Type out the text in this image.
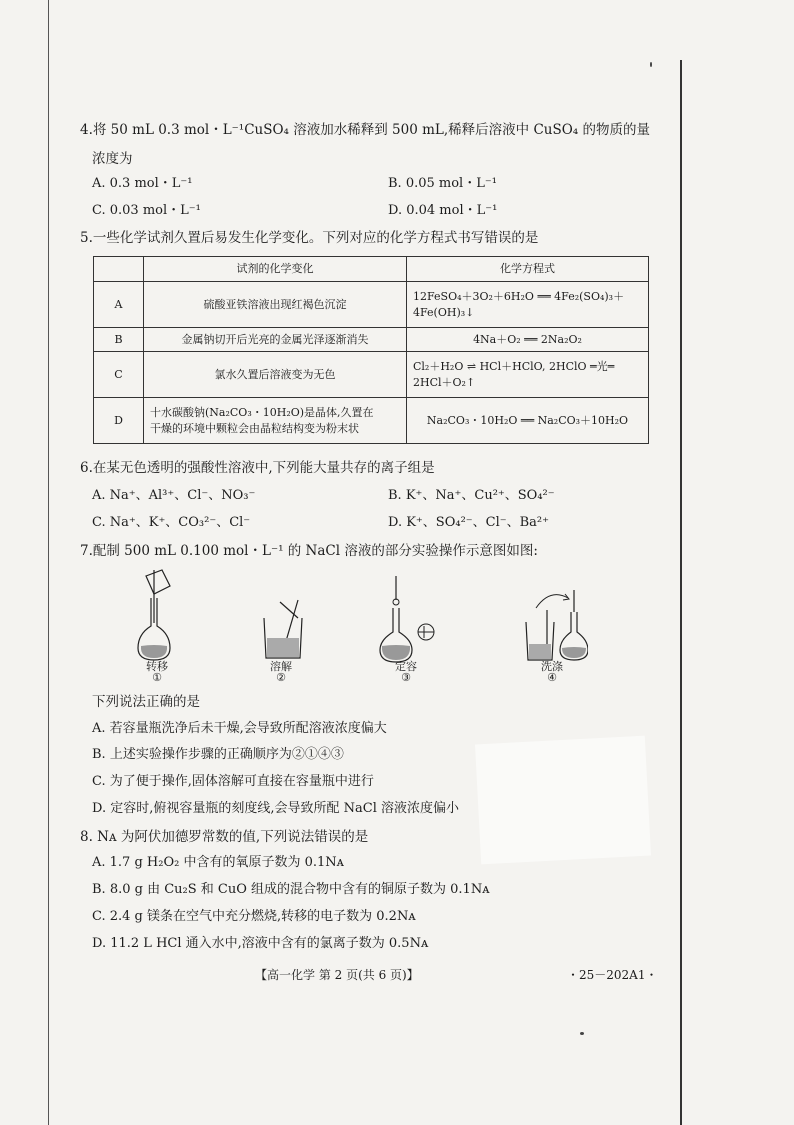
4.将 50 mL 0.3 mol・L⁻¹CuSO₄ 溶液加水稀释到 500 mL,稀释后溶液中 CuSO₄ 的物质的量
浓度为
A. 0.3 mol・L⁻¹	B. 0.05 mol・L⁻¹
C. 0.03 mol・L⁻¹	D. 0.04 mol・L⁻¹
5.一些化学试剂久置后易发生化学变化。下列对应的化学方程式书写错误的是
	试剂的化学变化	化学方程式
A	硫酸亚铁溶液出现红褐色沉淀	12FeSO₄＋3O₂＋6H₂O ══ 4Fe₂(SO₄)₃＋
4Fe(OH)₃↓

B	金属钠切开后光亮的金属光泽逐渐消失	4Na＋O₂ ══ 2Na₂O₂

C	氯水久置后溶液变为无色	Cl₂＋H₂O ⇌ HCl＋HClO, 2HClO ═光═
2HCl＋O₂↑

D	十水碳酸钠(Na₂CO₃・10H₂O)是晶体,久置在
干燥的环境中颗粒会由晶粒结构变为粉末状	Na₂CO₃・10H₂O ══ Na₂CO₃＋10H₂O
6.在某无色透明的强酸性溶液中,下列能大量共存的离子组是
A. Na⁺、Al³⁺、Cl⁻、NO₃⁻	B. K⁺、Na⁺、Cu²⁺、SO₄²⁻
C. Na⁺、K⁺、CO₃²⁻、Cl⁻	D. K⁺、SO₄²⁻、Cl⁻、Ba²⁺
7.配制 500 mL 0.100 mol・L⁻¹ 的 NaCl 溶液的部分实验操作示意图如图:
转移
①
溶解
②
定容
③
洗涤
④
下列说法正确的是
A. 若容量瓶洗净后未干燥,会导致所配溶液浓度偏大
B. 上述实验操作步骤的正确顺序为②①④③
C. 为了便于操作,固体溶解可直接在容量瓶中进行
D. 定容时,俯视容量瓶的刻度线,会导致所配 NaCl 溶液浓度偏小
8. Nᴀ 为阿伏加德罗常数的值,下列说法错误的是
A. 1.7 g H₂O₂ 中含有的氧原子数为 0.1Nᴀ
B. 8.0 g 由 Cu₂S 和 CuO 组成的混合物中含有的铜原子数为 0.1Nᴀ
C. 2.4 g 镁条在空气中充分燃烧,转移的电子数为 0.2Nᴀ
D. 11.2 L HCl 通入水中,溶液中含有的氯离子数为 0.5Nᴀ
【高一化学 第 2 页(共 6 页)】	・25－202A1・
